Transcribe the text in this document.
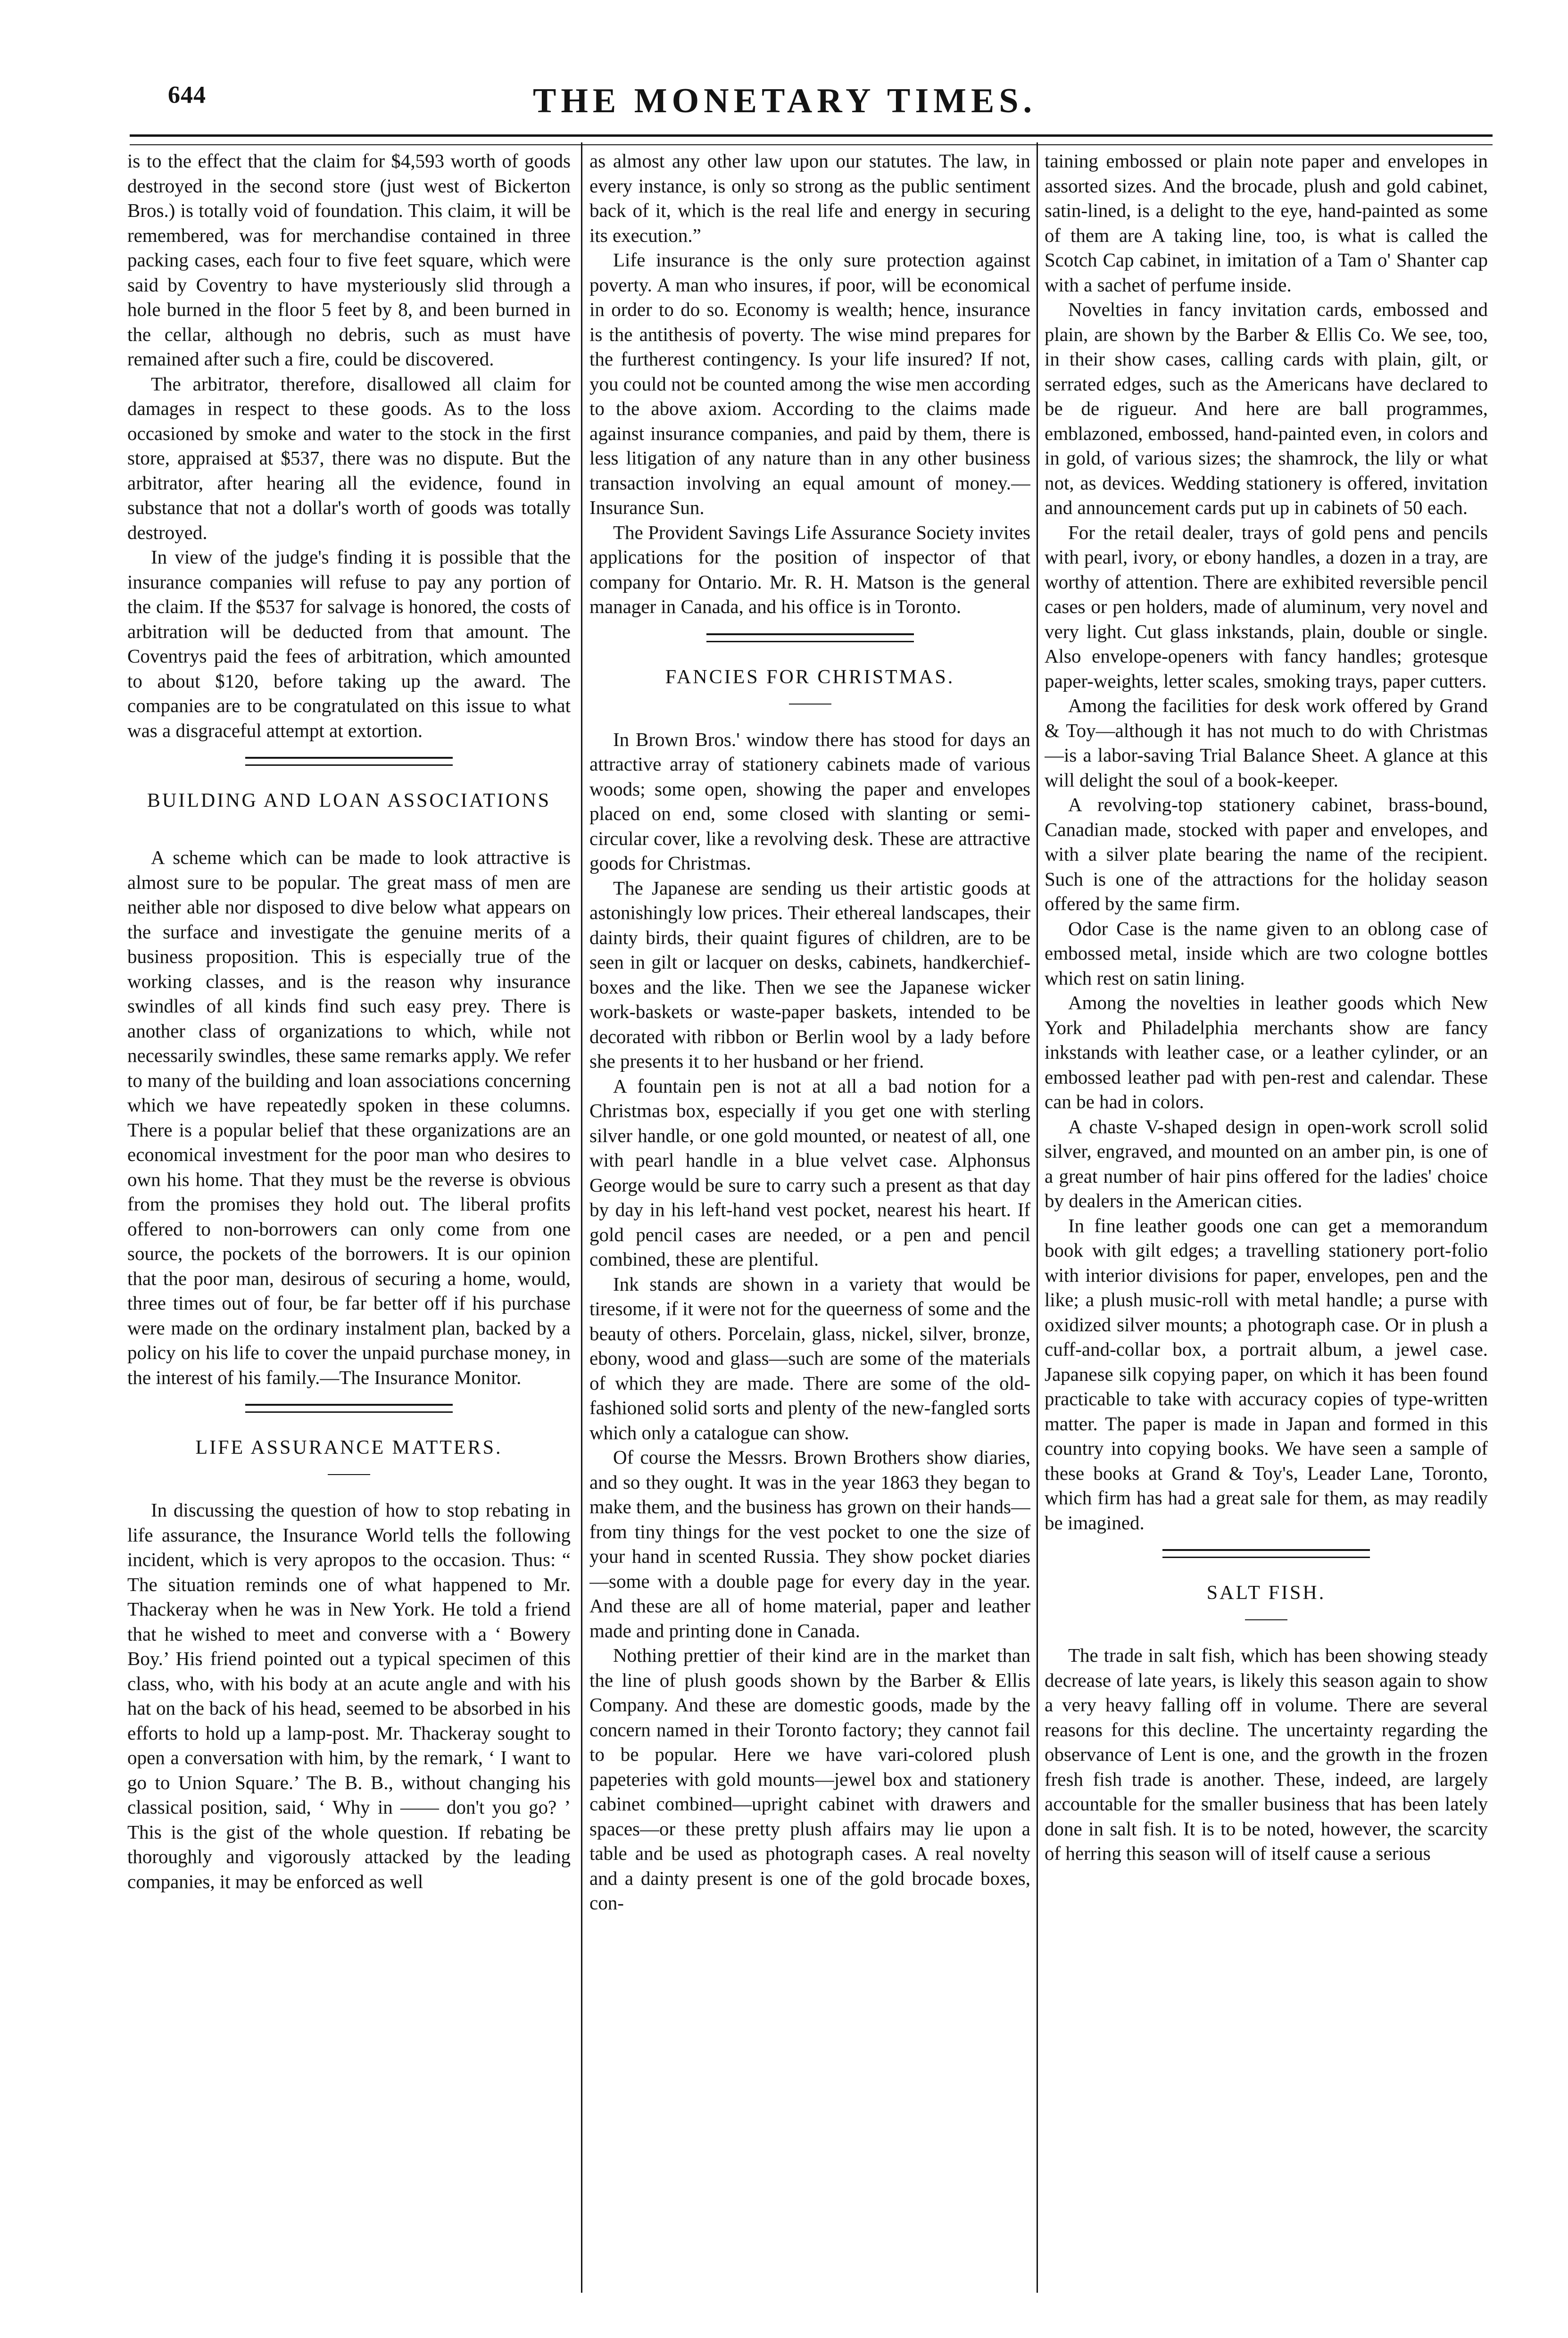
644	THE MONETARY TIMES.

is to the effect that the claim for $4,593 worth of goods destroyed in the second store (just west of Bickerton Bros.) is totally void of foundation. This claim, it will be remembered, was for merchandise contained in three packing cases, each four to five feet square, which were said by Coventry to have mysteriously slid through a hole burned in the floor 5 feet by 8, and been burned in the cellar, although no debris, such as must have remained after such a fire, could be discovered.

The arbitrator, therefore, disallowed all claim for damages in respect to these goods. As to the loss occasioned by smoke and water to the stock in the first store, appraised at $537, there was no dispute. But the arbitrator, after hearing all the evidence, found in substance that not a dollar's worth of goods was totally destroyed.

In view of the judge's finding it is possible that the insurance companies will refuse to pay any portion of the claim. If the $537 for salvage is honored, the costs of arbitration will be deducted from that amount. The Coventrys paid the fees of arbitration, which amounted to about $120, before taking up the award. The companies are to be congratulated on this issue to what was a disgraceful attempt at extortion.

BUILDING AND LOAN ASSOCIATIONS

A scheme which can be made to look attractive is almost sure to be popular. The great mass of men are neither able nor disposed to dive below what appears on the surface and investigate the genuine merits of a business proposition. This is especially true of the working classes, and is the reason why insurance swindles of all kinds find such easy prey. There is another class of organizations to which, while not necessarily swindles, these same remarks apply. We refer to many of the building and loan associations concerning which we have repeatedly spoken in these columns. There is a popular belief that these organizations are an economical investment for the poor man who desires to own his home. That they must be the reverse is obvious from the promises they hold out. The liberal profits offered to non-borrowers can only come from one source, the pockets of the borrowers. It is our opinion that the poor man, desirous of securing a home, would, three times out of four, be far better off if his purchase were made on the ordinary instalment plan, backed by a policy on his life to cover the unpaid purchase money, in the interest of his family.—The Insurance Monitor.

LIFE ASSURANCE MATTERS.

In discussing the question of how to stop rebating in life assurance, the Insurance World tells the following incident, which is very apropos to the occasion. Thus: “ The situation reminds one of what happened to Mr. Thackeray when he was in New York. He told a friend that he wished to meet and converse with a ‘ Bowery Boy.’ His friend pointed out a typical specimen of this class, who, with his body at an acute angle and with his hat on the back of his head, seemed to be absorbed in his efforts to hold up a lamp-post. Mr. Thackeray sought to open a conversation with him, by the remark, ‘ I want to go to Union Square.’ The B. B., without changing his classical position, said, ‘ Why in —— don't you go? ’ This is the gist of the whole question. If rebating be thoroughly and vigorously attacked by the leading companies, it may be enforced as well

as almost any other law upon our statutes. The law, in every instance, is only so strong as the public sentiment back of it, which is the real life and energy in securing its execution.”

Life insurance is the only sure protection against poverty. A man who insures, if poor, will be economical in order to do so. Economy is wealth; hence, insurance is the antithesis of poverty. The wise mind prepares for the furtherest contingency. Is your life insured? If not, you could not be counted among the wise men according to the above axiom. According to the claims made against insurance companies, and paid by them, there is less litigation of any nature than in any other business transaction involving an equal amount of money.—Insurance Sun.

The Provident Savings Life Assurance Society invites applications for the position of inspector of that company for Ontario. Mr. R. H. Matson is the general manager in Canada, and his office is in Toronto.

FANCIES FOR CHRISTMAS.

In Brown Bros.' window there has stood for days an attractive array of stationery cabinets made of various woods; some open, showing the paper and envelopes placed on end, some closed with slanting or semi-circular cover, like a revolving desk. These are attractive goods for Christmas.

The Japanese are sending us their artistic goods at astonishingly low prices. Their ethereal landscapes, their dainty birds, their quaint figures of children, are to be seen in gilt or lacquer on desks, cabinets, handkerchief-boxes and the like. Then we see the Japanese wicker work-baskets or waste-paper baskets, intended to be decorated with ribbon or Berlin wool by a lady before she presents it to her husband or her friend.

A fountain pen is not at all a bad notion for a Christmas box, especially if you get one with sterling silver handle, or one gold mounted, or neatest of all, one with pearl handle in a blue velvet case. Alphonsus George would be sure to carry such a present as that day by day in his left-hand vest pocket, nearest his heart. If gold pencil cases are needed, or a pen and pencil combined, these are plentiful.

Ink stands are shown in a variety that would be tiresome, if it were not for the queerness of some and the beauty of others. Porcelain, glass, nickel, silver, bronze, ebony, wood and glass—such are some of the materials of which they are made. There are some of the old-fashioned solid sorts and plenty of the new-fangled sorts which only a catalogue can show.

Of course the Messrs. Brown Brothers show diaries, and so they ought. It was in the year 1863 they began to make them, and the business has grown on their hands—from tiny things for the vest pocket to one the size of your hand in scented Russia. They show pocket diaries—some with a double page for every day in the year. And these are all of home material, paper and leather made and printing done in Canada.

Nothing prettier of their kind are in the market than the line of plush goods shown by the Barber & Ellis Company. And these are domestic goods, made by the concern named in their Toronto factory; they cannot fail to be popular. Here we have vari-colored plush papeteries with gold mounts—jewel box and stationery cabinet combined—upright cabinet with drawers and spaces—or these pretty plush affairs may lie upon a table and be used as photograph cases. A real novelty and a dainty present is one of the gold brocade boxes, con-

taining embossed or plain note paper and envelopes in assorted sizes. And the brocade, plush and gold cabinet, satin-lined, is a delight to the eye, hand-painted as some of them are A taking line, too, is what is called the Scotch Cap cabinet, in imitation of a Tam o' Shanter cap with a sachet of perfume inside.

Novelties in fancy invitation cards, embossed and plain, are shown by the Barber & Ellis Co. We see, too, in their show cases, calling cards with plain, gilt, or serrated edges, such as the Americans have declared to be de rigueur. And here are ball programmes, emblazoned, embossed, hand-painted even, in colors and in gold, of various sizes; the shamrock, the lily or what not, as devices. Wedding stationery is offered, invitation and announcement cards put up in cabinets of 50 each.

For the retail dealer, trays of gold pens and pencils with pearl, ivory, or ebony handles, a dozen in a tray, are worthy of attention. There are exhibited reversible pencil cases or pen holders, made of aluminum, very novel and very light. Cut glass inkstands, plain, double or single. Also envelope-openers with fancy handles; grotesque paper-weights, letter scales, smoking trays, paper cutters.

Among the facilities for desk work offered by Grand & Toy—although it has not much to do with Christmas—is a labor-saving Trial Balance Sheet. A glance at this will delight the soul of a book-keeper.

A revolving-top stationery cabinet, brass-bound, Canadian made, stocked with paper and envelopes, and with a silver plate bearing the name of the recipient. Such is one of the attractions for the holiday season offered by the same firm.

Odor Case is the name given to an oblong case of embossed metal, inside which are two cologne bottles which rest on satin lining.

Among the novelties in leather goods which New York and Philadelphia merchants show are fancy inkstands with leather case, or a leather cylinder, or an embossed leather pad with pen-rest and calendar. These can be had in colors.

A chaste V-shaped design in open-work scroll solid silver, engraved, and mounted on an amber pin, is one of a great number of hair pins offered for the ladies' choice by dealers in the American cities.

In fine leather goods one can get a memorandum book with gilt edges; a travelling stationery port-folio with interior divisions for paper, envelopes, pen and the like; a plush music-roll with metal handle; a purse with oxidized silver mounts; a photograph case. Or in plush a cuff-and-collar box, a portrait album, a jewel case. Japanese silk copying paper, on which it has been found practicable to take with accuracy copies of type-written matter. The paper is made in Japan and formed in this country into copying books. We have seen a sample of these books at Grand & Toy's, Leader Lane, Toronto, which firm has had a great sale for them, as may readily be imagined.

SALT FISH.

The trade in salt fish, which has been showing steady decrease of late years, is likely this season again to show a very heavy falling off in volume. There are several reasons for this decline. The uncertainty regarding the observance of Lent is one, and the growth in the frozen fresh fish trade is another. These, indeed, are largely accountable for the smaller business that has been lately done in salt fish. It is to be noted, however, the scarcity of herring this season will of itself cause a serious
